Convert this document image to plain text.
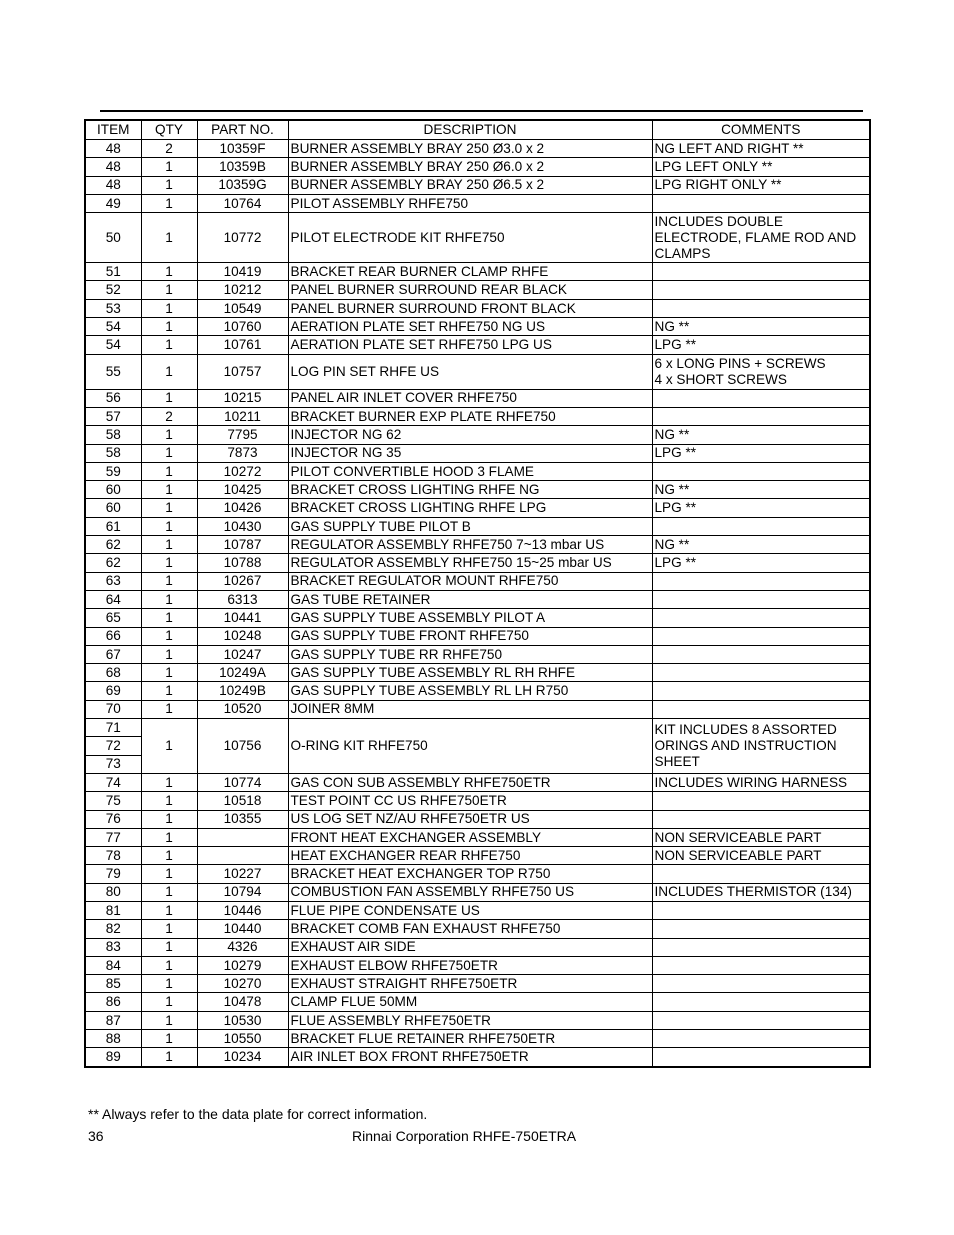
ITEM	QTY	PART NO.	DESCRIPTION	COMMENTS
48	2	10359F	BURNER ASSEMBLY BRAY 250 Ø3.0 x 2	NG LEFT AND RIGHT **
48	1	10359B	BURNER ASSEMBLY BRAY 250 Ø6.0 x 2	LPG LEFT ONLY **
48	1	10359G	BURNER ASSEMBLY BRAY 250 Ø6.5 x 2	LPG RIGHT ONLY **
49	1	10764	PILOT ASSEMBLY RHFE750	
50	1	10772	PILOT ELECTRODE KIT RHFE750	INCLUDES DOUBLE ELECTRODE, FLAME ROD AND CLAMPS
51	1	10419	BRACKET REAR BURNER CLAMP RHFE	
52	1	10212	PANEL BURNER SURROUND REAR BLACK	
53	1	10549	PANEL BURNER SURROUND FRONT BLACK	
54	1	10760	AERATION PLATE SET RHFE750 NG US	NG **
54	1	10761	AERATION PLATE SET RHFE750 LPG US	LPG **
55	1	10757	LOG PIN SET RHFE US	6 x LONG PINS + SCREWS
4 x SHORT SCREWS
56	1	10215	PANEL AIR INLET COVER RHFE750	
57	2	10211	BRACKET BURNER EXP PLATE RHFE750	
58	1	7795	INJECTOR NG 62	NG **
58	1	7873	INJECTOR NG 35	LPG **
59	1	10272	PILOT CONVERTIBLE HOOD 3 FLAME	
60	1	10425	BRACKET CROSS LIGHTING RHFE NG	NG **
60	1	10426	BRACKET CROSS LIGHTING RHFE LPG	LPG **
61	1	10430	GAS SUPPLY TUBE PILOT B	
62	1	10787	REGULATOR ASSEMBLY RHFE750 7~13 mbar US	NG **
62	1	10788	REGULATOR ASSEMBLY RHFE750 15~25 mbar US	LPG **
63	1	10267	BRACKET REGULATOR MOUNT RHFE750	
64	1	6313	GAS TUBE RETAINER	
65	1	10441	GAS SUPPLY TUBE ASSEMBLY PILOT A	
66	1	10248	GAS SUPPLY TUBE FRONT RHFE750	
67	1	10247	GAS SUPPLY TUBE RR RHFE750	
68	1	10249A	GAS SUPPLY TUBE ASSEMBLY RL RH RHFE	
69	1	10249B	GAS SUPPLY TUBE ASSEMBLY RL LH R750	
70	1	10520	JOINER 8MM	
71	1	10756	O-RING KIT RHFE750	KIT INCLUDES 8 ASSORTED ORINGS AND INSTRUCTION SHEET
72				
73				
74	1	10774	GAS CON SUB ASSEMBLY RHFE750ETR	INCLUDES WIRING HARNESS
75	1	10518	TEST POINT CC US RHFE750ETR	
76	1	10355	US LOG SET NZ/AU RHFE750ETR US	
77	1		FRONT HEAT EXCHANGER ASSEMBLY	NON SERVICEABLE PART
78	1		HEAT EXCHANGER REAR RHFE750	NON SERVICEABLE PART
79	1	10227	BRACKET HEAT EXCHANGER TOP R750	
80	1	10794	COMBUSTION FAN ASSEMBLY RHFE750 US	INCLUDES THERMISTOR (134)
81	1	10446	FLUE PIPE CONDENSATE US	
82	1	10440	BRACKET COMB FAN EXHAUST RHFE750	
83	1	4326	EXHAUST AIR SIDE	
84	1	10279	EXHAUST ELBOW RHFE750ETR	
85	1	10270	EXHAUST STRAIGHT RHFE750ETR	
86	1	10478	CLAMP FLUE 50MM	
87	1	10530	FLUE ASSEMBLY RHFE750ETR	
88	1	10550	BRACKET FLUE RETAINER RHFE750ETR	
89	1	10234	AIR INLET BOX FRONT RHFE750ETR	
** Always refer to the data plate for correct information.
36	Rinnai Corporation RHFE-750ETRA
